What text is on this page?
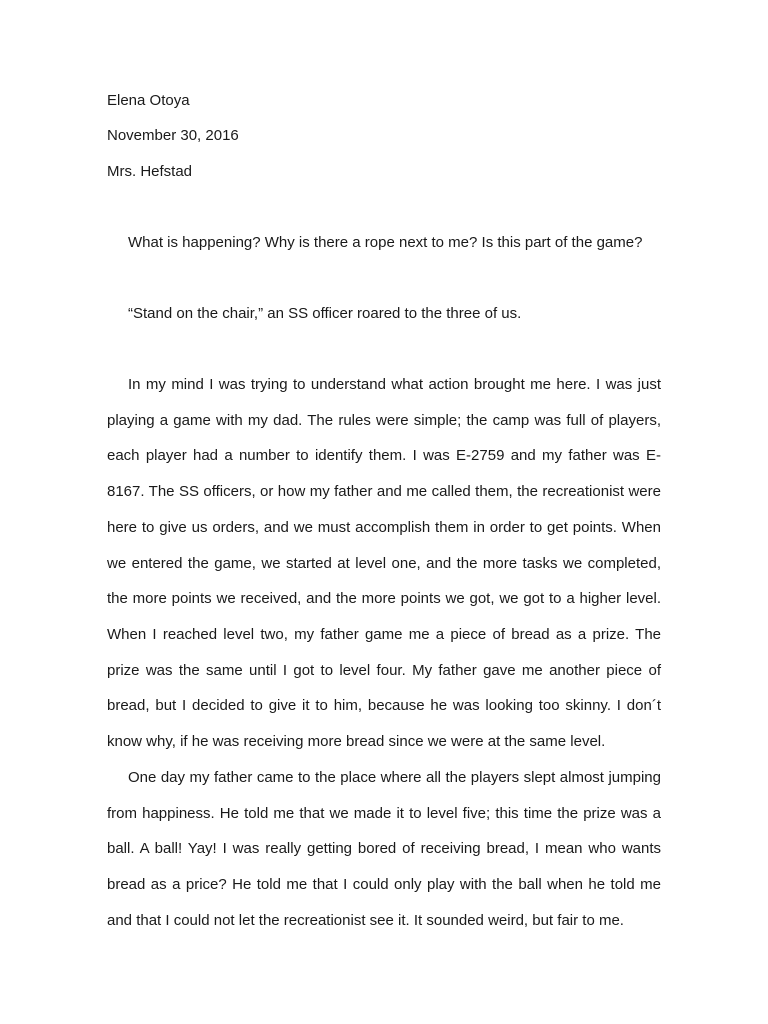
Elena Otoya
November 30, 2016
Mrs. Hefstad
What is happening? Why is there a rope next to me? Is this part of the game?
“Stand on the chair,” an SS officer roared to the three of us.

In my mind I was trying to understand what action brought me here. I was just playing a game with my dad. The rules were simple; the camp was full of players, each player had a number to identify them. I was E-2759 and my father was E-8167. The SS officers, or how my father and me called them, the recreationist were here to give us orders, and we must accomplish them in order to get points. When we entered the game, we started at level one, and the more tasks we completed, the more points we received, and the more points we got, we got to a higher level. When I reached level two, my father game me a piece of bread as a prize. The prize was the same until I got to level four. My father gave me another piece of bread, but I decided to give it to him, because he was looking too skinny. I don´t know why, if he was receiving more bread since we were at the same level.

One day my father came to the place where all the players slept almost jumping from happiness. He told me that we made it to level five; this time the prize was a ball. A ball! Yay! I was really getting bored of receiving bread, I mean who wants bread as a price? He told me that I could only play with the ball when he told me and that I could not let the recreationist see it. It sounded weird, but fair to me.
